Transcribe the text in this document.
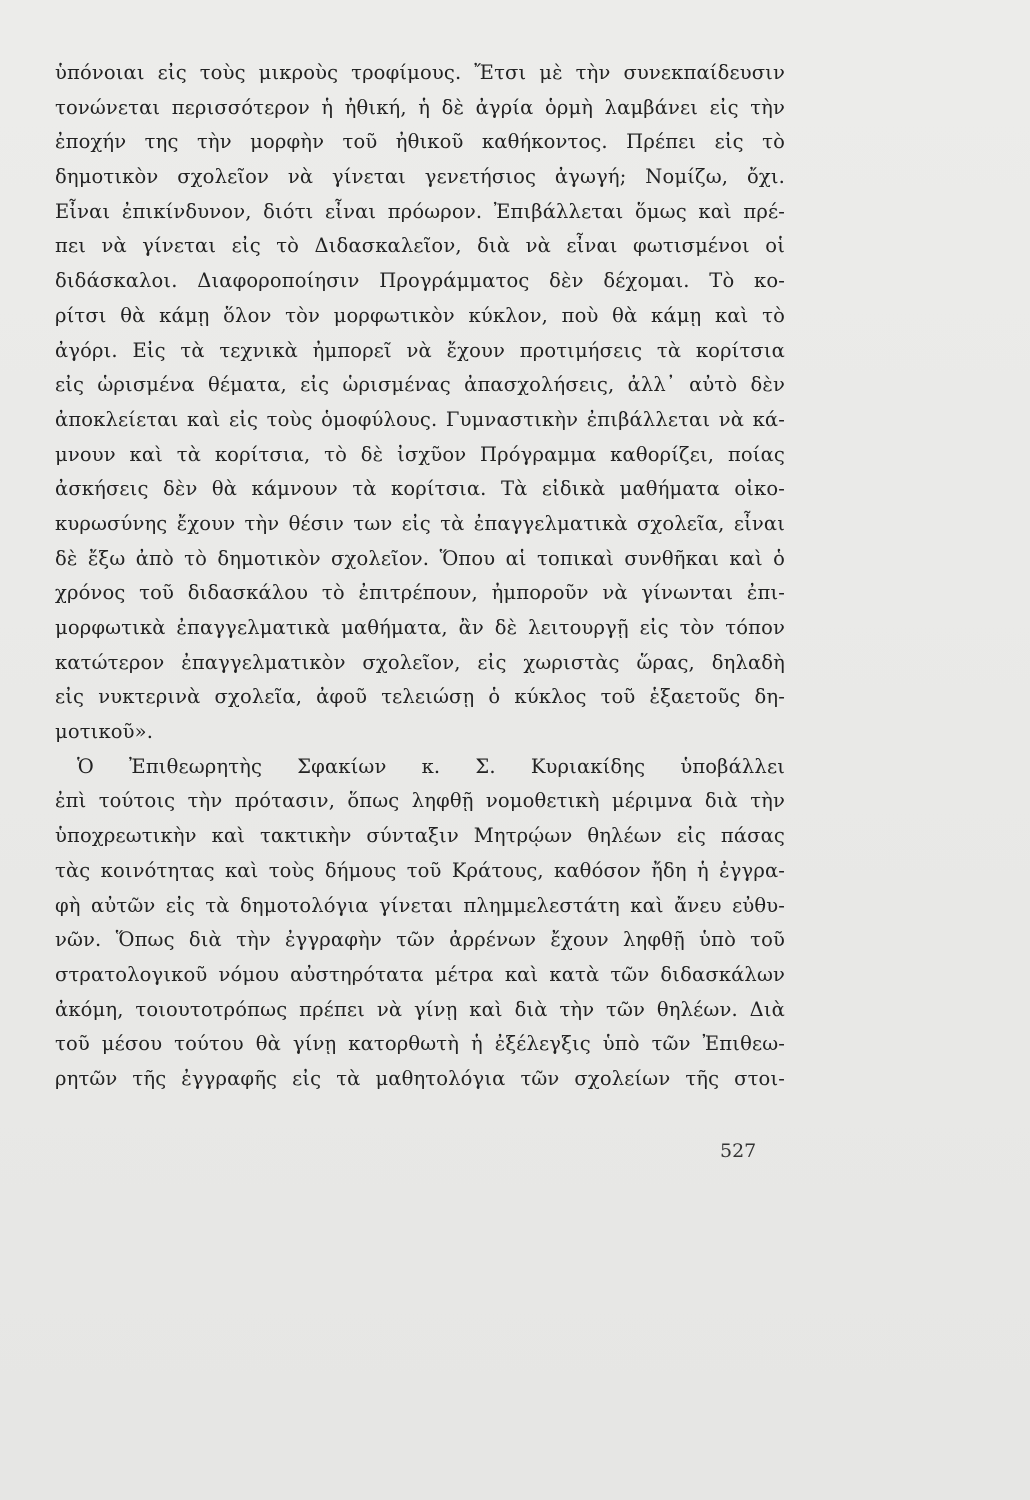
ὑπόνοιαι εἰς τοὺς μικροὺς τροφίμους. Ἔτσι μὲ τὴν συνεκπαίδευσιν
τονώνεται περισσότερον ἡ ἠθική, ἡ δὲ ἀγρία ὁρμὴ λαμβάνει εἰς τὴν
ἐποχήν της τὴν μορφὴν τοῦ ἠθικοῦ καθήκοντος. Πρέπει εἰς τὸ
δημοτικὸν σχολεῖον νὰ γίνεται γενετήσιος ἀγωγή; Νομίζω, ὄχι.
Εἶναι ἐπικίνδυνον, διότι εἶναι πρόωρον. Ἐπιβάλλεται ὅμως καὶ πρέ-
πει νὰ γίνεται εἰς τὸ Διδασκαλεῖον, διὰ νὰ εἶναι φωτισμένοι οἱ
διδάσκαλοι. Διαφοροποίησιν Προγράμματος δὲν δέχομαι. Τὸ κο-
ρίτσι θὰ κάμῃ ὅλον τὸν μορφωτικὸν κύκλον, ποὺ θὰ κάμῃ καὶ τὸ
ἀγόρι. Εἰς τὰ τεχνικὰ ἠμπορεῖ νὰ ἔχουν προτιμήσεις τὰ κορίτσια
εἰς ὡρισμένα θέματα, εἰς ὡρισμένας ἀπασχολήσεις, ἀλλ᾽ αὐτὸ δὲν
ἀποκλείεται καὶ εἰς τοὺς ὁμοφύλους. Γυμναστικὴν ἐπιβάλλεται νὰ κά-
μνουν καὶ τὰ κορίτσια, τὸ δὲ ἰσχῦον Πρόγραμμα καθορίζει, ποίας
ἀσκήσεις δὲν θὰ κάμνουν τὰ κορίτσια. Τὰ εἰδικὰ μαθήματα οἰκο-
κυρωσύνης ἔχουν τὴν θέσιν των εἰς τὰ ἐπαγγελματικὰ σχολεῖα, εἶναι
δὲ ἔξω ἀπὸ τὸ δημοτικὸν σχολεῖον. Ὅπου αἱ τοπικαὶ συνθῆκαι καὶ ὁ
χρόνος τοῦ διδασκάλου τὸ ἐπιτρέπουν, ἠμποροῦν νὰ γίνωνται ἐπι-
μορφωτικὰ ἐπαγγελματικὰ μαθήματα, ἂν δὲ λειτουργῇ εἰς τὸν τόπον
κατώτερον ἐπαγγελματικὸν σχολεῖον, εἰς χωριστὰς ὥρας, δηλαδὴ
εἰς νυκτερινὰ σχολεῖα, ἀφοῦ τελειώσῃ ὁ κύκλος τοῦ ἑξαετοῦς δη-
μοτικοῦ».
Ὁ Ἐπιθεωρητὴς Σφακίων κ. Σ. Κυριακίδης ὑποβάλλει
ἐπὶ τούτοις τὴν πρότασιν, ὅπως ληφθῇ νομοθετικὴ μέριμνα διὰ τὴν
ὑποχρεωτικὴν καὶ τακτικὴν σύνταξιν Μητρῴων θηλέων εἰς πάσας
τὰς κοινότητας καὶ τοὺς δήμους τοῦ Κράτους, καθόσον ἤδη ἡ ἐγγρα-
φὴ αὐτῶν εἰς τὰ δημοτολόγια γίνεται πλημμελεστάτη καὶ ἄνευ εὐθυ-
νῶν. Ὅπως διὰ τὴν ἐγγραφὴν τῶν ἀρρένων ἔχουν ληφθῇ ὑπὸ τοῦ
στρατολογικοῦ νόμου αὐστηρότατα μέτρα καὶ κατὰ τῶν διδασκάλων
ἀκόμη, τοιουτοτρόπως πρέπει νὰ γίνῃ καὶ διὰ τὴν τῶν θηλέων. Διὰ
τοῦ μέσου τούτου θὰ γίνῃ κατορθωτὴ ἡ ἐξέλεγξις ὑπὸ τῶν Ἐπιθεω-
ρητῶν τῆς ἐγγραφῆς εἰς τὰ μαθητολόγια τῶν σχολείων τῆς στοι-
527
